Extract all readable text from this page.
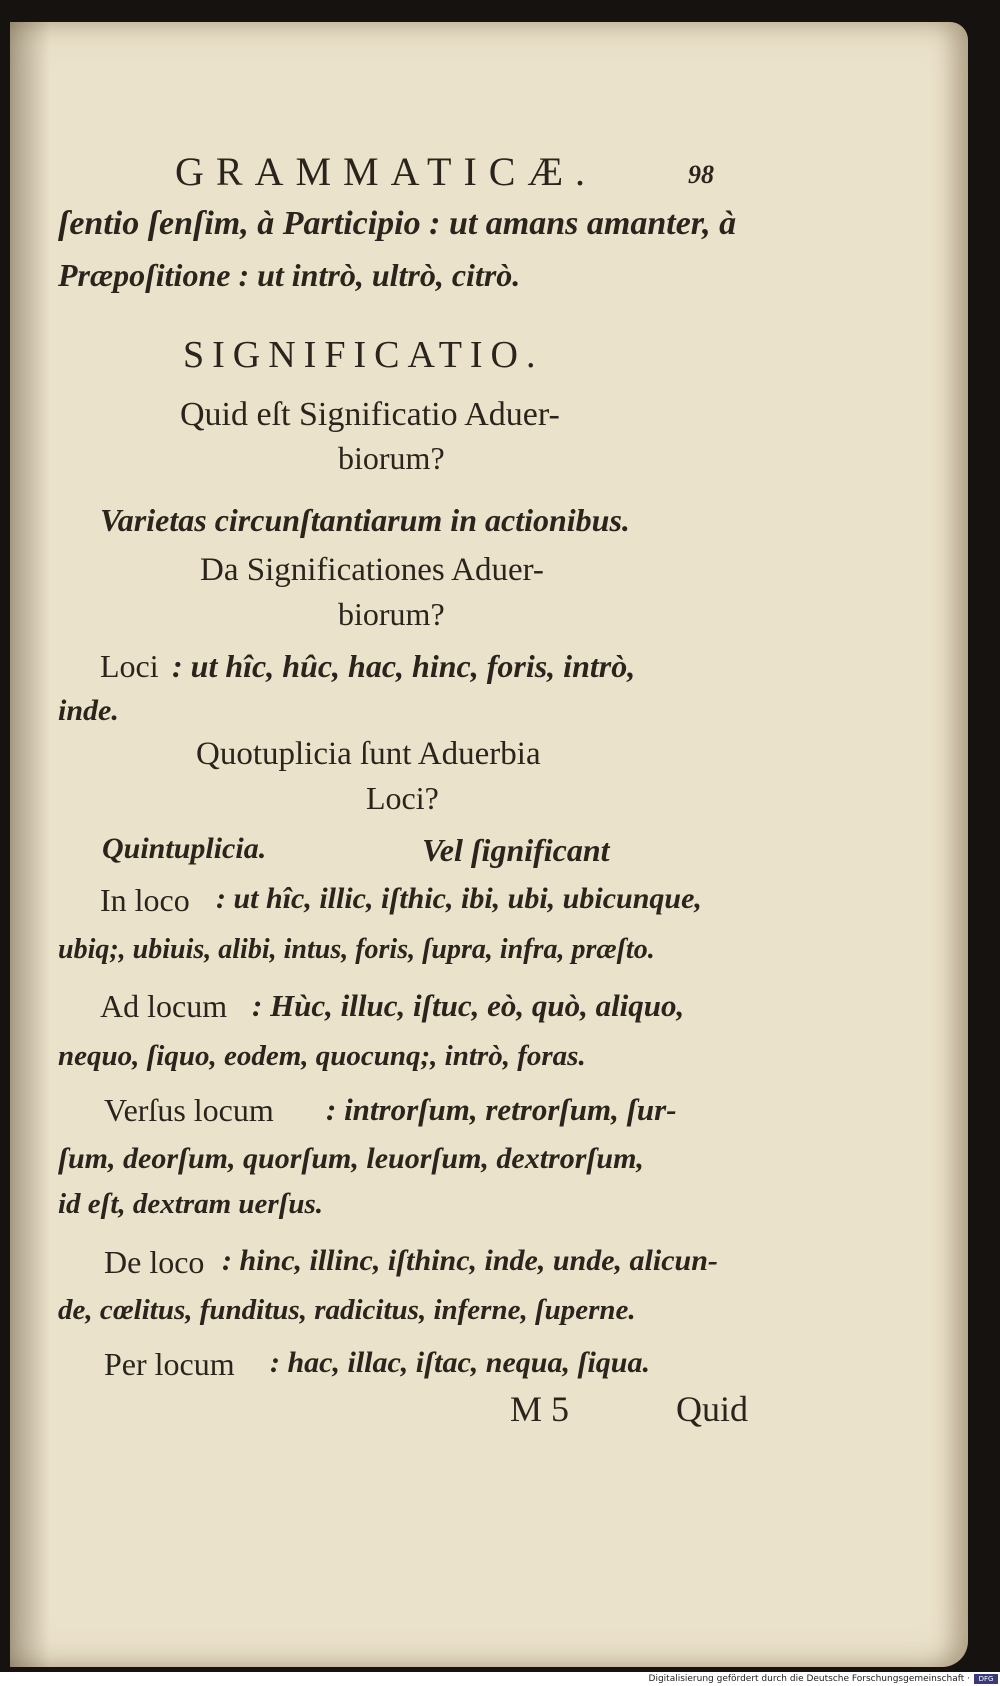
GRAMMATICÆ.	98
ſentio ſenſim, à Participio : ut amans amanter, à
Præpoſitione : ut intrò, ultrò, citrò.
SIGNIFICATIO.
Quid eſt Significatio Aduer-
biorum?
Varietas circunſtantiarum in actionibus.
Da Significationes Aduer-
biorum?
Loci : ut hîc, hûc, hac, hinc, foris, intrò,
inde.
Quotuplicia ſunt Aduerbia
Loci?
Quintuplicia.	Vel ſignificant
In loco : ut hîc, illic, iſthic, ibi, ubi, ubicunque,
ubiq;, ubiuis, alibi, intus, foris, ſupra, infra, præſto.
Ad locum : Hùc, illuc, iſtuc, eò, quò, aliquo,
nequo, ſiquo, eodem, quocunq;, intrò, foras.
Verſus locum : introrſum, retrorſum, ſur-
ſum, deorſum, quorſum, leuorſum, dextrorſum,
id eſt, dextram uerſus.
De loco : hinc, illinc, iſthinc, inde, unde, alicun-
de, cœlitus, funditus, radicitus, inferne, ſuperne.
Per locum : hac, illac, iſtac, nequa, ſiqua.
M 5	Quid
Digitalisierung gefördert durch die Deutsche Forschungsgemeinschaft ·	DFG
